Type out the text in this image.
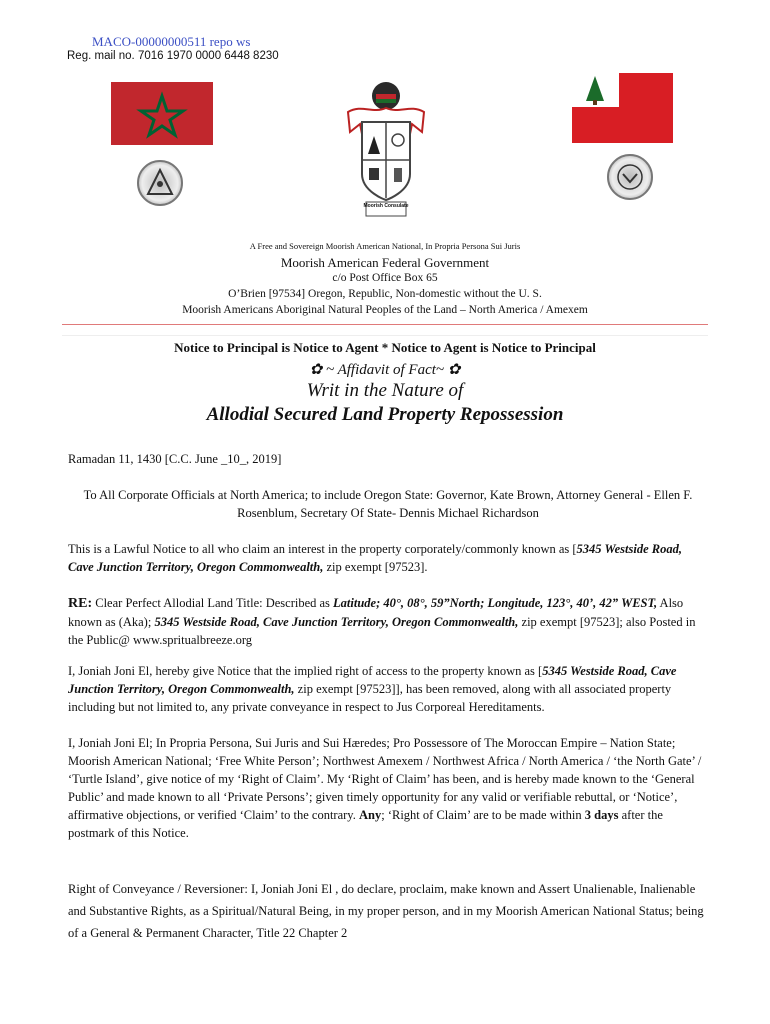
MACO-00000000511 repo ws
Reg. mail no. 7016 1970 0000 6448 8230
Moorish Consulate
A Free and Sovereign Moorish American National, In Propria Persona Sui Juris
Moorish American Federal Government
c/o Post Office Box 65
O’Brien [97534] Oregon, Republic, Non-domestic without the U. S.
Moorish Americans Aboriginal Natural Peoples of the Land – North America / Amexem
Notice to Principal is Notice to Agent * Notice to Agent is Notice to Principal
✿ ~ Affidavit of Fact~ ✿
Writ in the Nature of
Allodial Secured Land Property Repossession
Ramadan 11, 1430 [C.C. June _10_, 2019]
To All Corporate Officials at North America; to include Oregon State: Governor, Kate Brown, Attorney General - Ellen F. Rosenblum, Secretary Of State- Dennis Michael Richardson
This is a Lawful Notice to all who claim an interest in the property corporately/commonly known as [5345 Westside Road, Cave Junction Territory, Oregon Commonwealth, zip exempt [97523].
RE: Clear Perfect Allodial Land Title: Described as Latitude; 40°, 08°, 59”North; Longitude, 123°, 40’, 42” WEST, Also known as (Aka); 5345 Westside Road, Cave Junction Territory, Oregon Commonwealth, zip exempt [97523]; also Posted in the Public@ www.spritualbreeze.org
I, Joniah Joni El, hereby give Notice that the implied right of access to the property known as [5345 Westside Road, Cave Junction Territory, Oregon Commonwealth, zip exempt [97523]], has been removed, along with all associated property including but not limited to, any private conveyance in respect to Jus Corporeal Hereditaments.
I, Joniah Joni El; In Propria Persona, Sui Juris and Sui Hæredes; Pro Possessore of The Moroccan Empire – Nation State; Moorish American National; ‘Free White Person’; Northwest Amexem / Northwest Africa / North America / ‘the North Gate’ / ‘Turtle Island’, give notice of my ‘Right of Claim’. My ‘Right of Claim’ has been, and is hereby made known to the ‘General Public’ and made known to all ‘Private Persons’; given timely opportunity for any valid or verifiable rebuttal, or ‘Notice’, affirmative objections, or verified ‘Claim’ to the contrary. Any; ‘Right of Claim’ are to be made within 3 days after the postmark of this Notice.
Right of Conveyance / Reversioner: I, Joniah Joni El , do declare, proclaim, make known and Assert Unalienable, Inalienable and Substantive Rights, as a Spiritual/Natural Being, in my proper person, and in my Moorish American National Status; being of a General & Permanent Character, Title 22 Chapter 2
